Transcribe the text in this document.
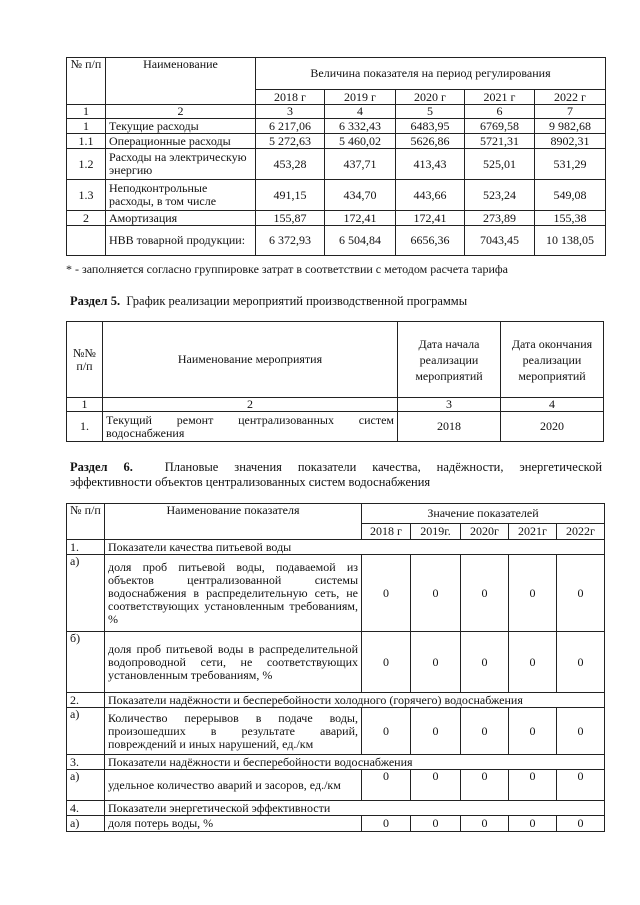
№ п/п	Наименование	Величина показателя на период регулирования				
		2018 г	2019 г	2020 г	2021 г	2022 г
1	2	3	4	5	6	7
1	Текущие расходы	6 217,06	6 332,43	6483,95	6769,58	9 982,68
1.1	Операционные расходы	5 272,63	5 460,02	5626,86	5721,31	8902,31
1.2	Расходы на электрическую энергию	453,28	437,71	413,43	525,01	531,29
1.3	Неподконтрольные расходы, в том числе	491,15	434,70	443,66	523,24	549,08
2	Амортизация	155,87	172,41	172,41	273,89	155,38
	НВВ товарной продукции:	6 372,93	6 504,84	6656,36	7043,45	10 138,05
* - заполняется согласно группировке затрат в соответствии с методом расчета тарифа
Раздел 5. График реализации мероприятий производственной программы
№№ п/п	Наименование мероприятия	Дата начала реализации мероприятий	Дата окончания реализации мероприятий
1	2	3	4
1.	Текущий ремонт централизованных систем водоснабжения	2018	2020
Раздел 6.	Плановые значения показатели качества, надёжности, энергетической
эффективности объектов централизованных систем водоснабжения
№ п/п	Наименование показателя	Значение показателей				
		2018 г	2019г.	2020г	2021г	2022г
1.	Показатели качества питьевой воды					
а)	доля проб питьевой воды, подаваемой из объектов централизованной системы водоснабжения в распределительную сеть, не соответствующих установленным требованиям, %	0	0	0	0	0
б)	доля проб питьевой воды в распределительной водопроводной сети, не соответствующих установленным требованиям, %	0	0	0	0	0
2.	Показатели надёжности и бесперебойности холодного (горячего) водоснабжения					
а)	Количество перерывов в подаче воды, произошедших в результате аварий, повреждений и иных нарушений, ед./км	0	0	0	0	0
3.	Показатели надёжности и бесперебойности водоснабжения					
а)	удельное количество аварий и засоров, ед./км	0	0	0	0	0
4.	Показатели энергетической эффективности					
а)	доля потерь воды, %	0	0	0	0	0
